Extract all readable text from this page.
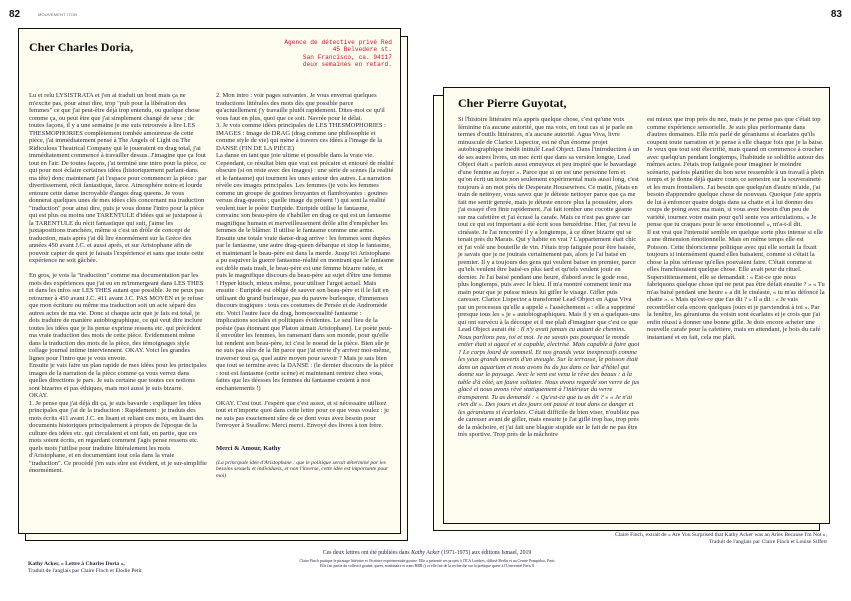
82	MOUVEMENT ITOB
Cher Charles Doria,	Agence de détective privé Red
45 Belvedere st.
San Francisco, ca. 94117
deux semaines en retard.

Lu et relu LYSISTRATA et j'en ai traduit un bout mais ça ne m'excite pas, pour ainsi dire, trop "pub pour la libération des femmes" ce que j'ai peut-être déjà trop entendu, ou quelque chose comme ça, ou peut être que j'ai simplement changé de sexe ; de toutes façons, il y a une semaine je me suis retrouvée à lire LES THESMOPHORIES complètement tombée amoureuse de cette pièce, j'ai immédiatement pensé à The Angels of Light ou The Ridiculous Theatrical Company qui le joueraient en drag total, j'ai immédiatement commencé à travailler dessus. J'imagine que ça fout tout en l'air. De toutes façons, j'ai terminé une intro pour la pièce, ce qui pour moi éclaire certaines idées (historiquement parlant-dans ma tête) donc maintenant j'ai l'espace pour commencer la pièce : par divertissement, récit fantastique, farce. Atmosphère noire et lourde entoure cette danse incroyable d'anges drag queens. Je vous donnerai quelques unes de mes idées clés concernant ma traduction "traduction" pour ainsi dire, puis je vous donne l'intro pour la pièce qui est plus ou moins une TARENTULE d'idées qui se juxtapose à la TARENTULE du récit fantastique qui suit, j'aime les juxtapositions tranchées, même si c'est un drôle de concept de traduction, mais après j'ai dû lire énormément sur la Grèce des années 450 avant J.C. et aussi après, et sur Aristophane afin de pouvoir capter de quoi je faisais l'expérience et sans que toute cette expérience ne soit gâchée.

En gros, je vois la "traduction" comme ma documentation par les mots des expériences que j'ai eu en m'immergeant dans LES THES et dans les infos sur LES THES autant que possible. Je ne peux pas retourner à 450 avant J.C. 411 avant J.C. PAS MOYEN et je refuse que mon écriture ou même ma traduction soit un acte séparé des autres actes de ma vie. Donc si chaque acte que je fais est total, je dois traduire de manière autobiographique, ce qui veut dire inclure toutes les idées que je lis pense exprime ressens etc. qui précèdent ma vraie traduction des mots de cette pièce. Évidemment même dans la traduction des mots de la pièce, des témoignages style collage journal intime interviennent. OKAY. Voici les grandes lignes pour l'intro que je vous envoie.

Ensuite je vais faire un plan rapide de mes idées pour les principales images de la narration de la pièce comme ça vous verrez dans quelles directions je pars. Je suis certaine que toutes ces notions sont bizarres et pas éthiques, mais moi aussi je suis bizarre.

OKAY.

1. Je pense que j'ai déjà dit ça, je suis bavarde : expliquer les idées principales que j'ai de la traduction : Rapidement : je traduis des mots écrits 411 avant J.C. en lisant et reliant ces mots, en lisant des documents historiques principalement à propos de l'époque de la culture des idées etc. qui circulaient et ont fait, en partie, que ces mots soient écrits, en regardant comment j'agis pense ressens etc. quels mots j'utilise pour traduire littéralement les mots d'Aristophane, et en documentant tout cela dans la vraie "traduction". Ce procédé j'en suis sûre est évident, et je sur-simplifie énormément.

2. Mon intro : voir pages suivantes. Je vous enverrai quelques traductions littérales des mots dès que possible parce qu'actuellement j'y travaille plutôt rapidement. Dites-moi ce qu'il vous faut en plus, quoi que ce soit. Navrée pour le délai.

3. Je vois comme idées principales de LES THESMOPHORIES : IMAGES : Image de DRAG (drag comme une philosophie et comme style de vie) qui mène à travers ces idées à l'image de la DANSE (FIN DE LA PIÈCE)

La danse en tant que joie ultime et possible dans la vraie vie. Cependant, ce résultat bien que vrai est précaire et entouré de réalité obscure (si on reste avec des images) : une série de scènes (la réalité et le fantasme) qui tournent les unes autour des autres. La narration révèle ces images principales. Les femmes (je vois les femmes comme un groupe de gouines bruyantes et flamboyantes : gouines versus drag-queens ; quelle image du présent !) qui sont la réalité veulent tuer le poète Euripide. Euripide utilise le fantasme, convainc son beau-père de s'habiller en drag ce qui est un fantasme magnifique humain et merveilleusement drôle afin d'empêcher les femmes de le blâmer. Il utilise le fantasme comme une arme. Ensuite une totale vraie danse-drag arrive : les femmes sont dupées par le fantasme, une autre drag-queen débarque et stop le fantasme, et maintenant le beau-père est dans la merde. Jusqu'ici Aristophane a pu esquiver la guerre fantasme-réalité en montrant que le fantasme est drôle mais trash, le beau-père est une femme bizarre ratée, et puis le magnifique discours du beau-père au sujet d'être une femme ! Hyper kitsch, mieux même, pour utiliser l'argot actuel. Mais ensuite : Euripide est obligé de sauver son beau-père et il le fait en utilisant du grand burlesque, pas du pauvre burlesque, d'immenses discours tragiques : tous ces costumes de Persée et de Andromède etc. Voici l'autre face du drag, homosexualité fantasme : implications sociales et politiques évidentes. Le seul lieu de la poésie (pas étonnant que Platon aimait Aristophane). Le poète peut-il envoûter les femmes, les ramenant dans son monde, pour qu'elle lui rendent son beau-père, ici c'est le noeud de la pièce. Bien sûr je ne suis pas sûre de la fin parce que j'ai envie d'y arriver moi-même, traverser tout ça, quel autre moyen pour savoir ? Mais je sais bien que tout se termine avec la DANSE : (le dernier discours de la pièce : tout est fantasme (cette scène) et maintenant rentrez chez vous, faites que les déesses les femmes du fantasme croient à nos enchantements !)

OKAY. C'est tout. J'espère que c'est assez, et si nécessaire utilisez tout et n'importe quoi dans cette lettre pour ce que vous voulez : je ne suis pas exactement sûre de ce dont vous avez besoin pour l'envoyer à Swallow. Merci merci. Envoyé des livres à ton frère.

Merci & Amour, Kathy

(La principale idée d'Aristophane : que le politique serait déterminé par les besoins sexuels et individuels, et non l'inverse, cette idée est importante pour moi)

Kathy Acker, « Lettre à Charles Doria »,
Traduit de l'anglais par Claire Finch et Elodie Petit
83
Cher Pierre Guyotat,

Si l'histoire littéraire m'a appris quelque chose, c'est qu'une voix féminine n'a aucune autorité, que ma voix, en tout cas si je parle en termes d'outils littéraires, n'a aucune autorité. Agua Viva, livre minuscule de Clarice Lispector, est né d'un énorme projet autobiographique inédit intitulé Lead Object. Dans l'introduction à un de ses autres livres, un mec écrit que dans sa version longue, Lead Object était « parfois aussi ennuyeux et peu inspiré que le bavardage d'une femme au foyer ». Parce que si on est une personne fem et qu'on écrit un texte non seulement expérimental mais aussi long, c'est toujours à un mot près de Desperate Housewives. Ce matin, j'étais en train de nettoyer, vous savez que je déteste nettoyer parce que ça me fait me sentir genrée, mais je déteste encore plus la poussière, alors j'ai essayé d'en finir rapidement. J'ai fait tomber une cocotte géante sur ma cafetière et j'ai écrasé la carafe. Mais ce n'est pas grave car tout ce qui est important a été écrit sous benzédrine. Hier, j'ai revu le cinéaste. Je l'ai rencontré il y a longtemps, à ce dîner bizarre qui se tenait près du Marais. Qui y habite en vrai ? L'appartement était chic et j'ai volé une bouteille de vin. J'étais trop fatiguée pour être baisée, je savais que je ne jouirais certainement pas, alors je l'ai baisé en premier. Il y a toujours des gens qui veulent baiser en premier, parce qu'iels veulent être baisé-es plus tard et qu'iels veulent jouir en dernier. Je l'ai baisé pendant une heure, d'abord avec le gode rose, plus longtemps, puis avec le bleu. Il m'a montré comment tenir ma main pour que je puisse mieux lui gifler le visage. Gifler puis caresser. Clarice Lispector a transformé Lead Object en Agua Viva par un processus qu'elle a appelé « l'assèchement » : elle a supprimé presque tous les « je » autobiographiques. Mais il y en a quelques-uns qui ont survécu à la découpe et il me plaît d'imaginer que c'est ce que Lead Object aurait été : Il n'y avait jamais eu autant de chemins. Nous parlions peu, toi et moi. Je ne savais pas pourquoi le monde entier était si agacé et si capable, électrisé. Mais capable à faire quoi ? Le corps lourd de sommeil. Et nos grands yeux inexpressifs comme les yeux grands ouverts d'un aveugle. Sur la terrasse, le poisson était dans un aquarium et nous avons bu du jus dans ce bar d'hôtel qui donne sur le paysage. Avec le vent est venu le rêve des beaux : à la table d'à côté, un fauve solitaire. Nous avons regardé son verre de jus glacé et nous avons rêvé statiquement à l'intérieur du verre transparent. Tu as demandé : « Qu'est-ce que tu as dit ? » « Je n'ai rien dit ». Des jours et des jours ont passé et tout dans ce danger et les géraniums si écarlates. C'était difficile de bien viser, n'oubliez pas de caresser avant de gifler, mais ensuite je l'ai giflé trop bas, trop près de la mâchoire, et j'ai fait une blague stupide sur le fait de ne pas être très sportive. Trop près de la mâchoire

est mieux que trop près du nez, mais je ne pense pas que c'était top comme expérience sensorielle. Je suis plus performante dans d'autres domaines. Elle m'a parlé de géraniums si écarlates qu'ils coupent toute narration et je pense à elle chaque fois que je la baise. Je veux que tout soit électrifié, mais quand on commence à coucher avec quelqu'un pendant longtemps, l'habitude se solidifie autour des mêmes actes. J'étais trop fatiguée pour imaginer le moindre scénario, parfois planifier du bon sexe ressemble à un travail à plein temps et je donne déjà quatre cours ce semestre sur la souveraineté et les murs frontaliers. J'ai besoin que quelqu'un d'autre m'aide, j'ai besoin d'apprendre quelque chose de nouveau. Quoique j'aie appris de lui à enfoncer quatre doigts dans sa chatte et à lui donner des coups de poing avec ma main, si vous avez besoin d'un peu de variété, tournez votre main pour qu'il sente vos articulations. « Je pense que tu craques pour le sexe émotionnel », m'a-t-il dit.

Il est vrai que l'intensité semble en quelque sorte plus intense si elle a une dimension émotionnelle. Mais en même temps elle est Poisson. Cette théoricienne politique avec qui elle sortait la fixait toujours si intensément quand elles baisaient, comme si c'était la chose la plus sérieuse qu'elles pouvaient faire. C'était comme si elles franchissaient quelque chose. Elle avait peur du rituel. Superstitieusement, elle se demandait : « Est-ce que nous fabriquons quelque chose qui ne peut pas être défait ensuite ? » « Tu m'as baisé pendant une heure » a dit le cinéaste, « tu m'as défoncé la chatte ». « Mais qu'est-ce que t'as dit ? » Il a dit : « Je vais recontrôler cela encore quelques jours et je parviendrai à toi ». Par la fenêtre, les géraniums du voisin sont écarlates et je crois que j'ai enfin réussi à donner une bonne gifle. Je dois encore acheter une nouvelle carafe pour la cafetière, mais en attendant, je bois du café instantané et en fait, cela me plaît.

Claire Finch, extrait de « Are You Surprised that Kathy Acker was an Aries Because I'm Not »,
Traduit de l'anglais par Claire Finch et Louise Siffert
Ces deux lettres ont été publiées dans Kathy Acker (1971-1975) aux éditions Ismael, 2019
Claire Finch pratique le piratage littéraire et l'écriture expérimentale gouine. Elle a présenté ses projets à l'ICA Londres, diffusé Berlin et au Centre Pompidou, Paris.
Elle fait partie du collectif gouine, queer, nonbinaire et trans RRR () et elle fait de la recherche sur la poétique queer à l'Université Paris 8.
